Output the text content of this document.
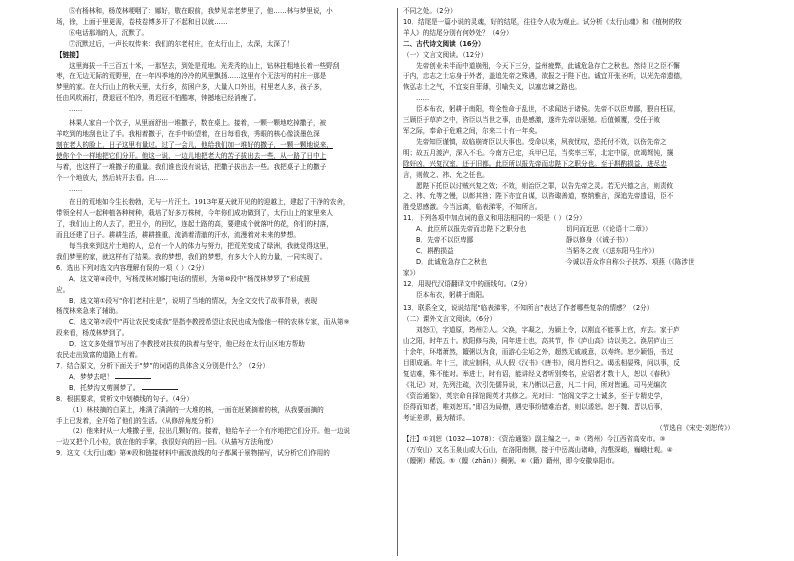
⑤有杨林和，杨茂林哽咽了：娜好，敬在眼前，我梦见亲老梦里了，他……林与梦里说，小
场，徐，上面于里更需，卷枝卷博多开了不起和日以就……
⑥电话那端的人，沉默了。
⑦沉默过后，一声长叹传来：我们的尔老村庄，在太行山上，太深，太深了！
【链接】
这里海拔一千三百五十米，一那坚去，到处是荒地。光秃秃的山上，钻林拄粗地长着一些野刮
枣，在无边无际的荒野里，在一年四季地的冷冷的风里飘扬……这里有个无法写的村庄一那是
梦里的家。在大行山上的秋天里，太行乡，贫困户多，大量人口外出，村里老人多，孩子多，
任由风吹雨打，费退冠不怕冷，勇迟冠不怕酷寒，钟撼地已经消瘦了。
……
林果人家自一个饮子，从里面舒出一堆撒子，数在桌上。接着，一颗一颗地吃掉撒子，被
羊吃到的地刮也让了手。我相着撒于，在手中盼望着，在日每看我，秀眼的核心像淡墨色深
刻在老人的脸上，日子这里有量过。过了一会儿，他给我们加一堆好的撒子，一颗一颗地说来，
使你个个一样地把它们分开。他这一说，一边儿地把老大的苦子拔出去一些，从一路了日中上
与着，也这样了一堆撒子的重量。我们谁也没有说话，把撒子拔出去一些。我把桌子上的撒子
个一个地放大，然后转开去看。自……
……
在日的荒地如今生长勃勃，无与一片汪土。1913年夏天就开见的的迎越上，建起了干净的农舍，
带领全村人一起种植各种树种，栽培了好多万株树，今年你们成功做到了，太行山上的家里来人
了，我们山上的人去了，把丑小，的回忆，连起土路的高，要建成个就落叶的花，你们的村落，
而且还建了日子。耕耕生活，耕耕推重，流淌着清澈的汗水，流漫着对未来的梦想。
每当我来到这片土地的人，总有一个人的体力与努力，把荒芜变成了绿洲，我就觉得这里，
我们梦里的家，就这样有了结果。我的梦想，我们的梦想，有多大个人的力量，一同实现了。
6．选出下列对选文内容理解有误的一项（ ）（2分）
A．这文第④段中，写杨茂林对娜打电话的情形，为第⑩段中“杨茂林梦罗了”形成照
应。
B．选文第①段写“你们老村庄是”，说明了当地的情况，为全文交代了故事背景，表现
杨茂林来急来了辅助。
C．选文第⑦段中“再让农民变成我”是指李教授希望让农民也成为像他一样的农林专家，而从第⑨
段来看，杨茂林梦到了。
D．这文多处细节写出了李教授对扶贫的执着与坚守，他已经在太行山区地方帮助
农民走出致富的道路上有着。
7．结合原文，分析下面关于“梦”的词语的具体含义分别是什么？（2分）
A．梦梦去吧！
B．托梦沟又剪圆梦了。
8．根据要求，赏析文中划横线的句子。（4分）
（1）林枝摘的白菜上，堆满了满满的一大堆的核，一面在赶紧摘着的核，从我要面摘的
手上已发着，全开始了他们的生活。（从修辞角度分析）
（2）他来时从一大堆撒子里，拉出几颗好的。接着，他给车子一个有序地把它们分开。他一边说
一边又把个几小粒，放在他的手掌，我很好向的回一回。（从描写方法角度）
9．这文《太行山魂》第⑧段和链接材料中画波浪线的句子都属于景物描写，试分析它们作用的
不同之处。（2分）
10．结尾是一篇小说的灵魂，好的结尾，往往令人收为观止。试分析《太行山魂》和《植树的牧
羊人》的结尾分别有何妙处？（4分）
二、古代诗文阅读（16分）
（一）文言文阅读。（12分）
先帝创业未半而中道崩殂，今天下三分，益州疲弊，此诚危急存亡之秋也。然待卫之臣不懈
于内，忠志之士忘身于外者，盖追先帝之殊遇，欲报之于陛下也。诚宜开张圣听，以光先帝遗德，
恢弘志士之气，不宜妄自菲薄，引喻失义，以塞忠谏之路也。
……
臣本布衣，躬耕于南阳，苟全性命于乱世，不求闻达于诸侯。先帝不以臣卑鄙，猥自枉屈，
三顾臣于草庐之中，咨臣以当世之事，由是感激，遂许先帝以驱驰。后值倾覆，受任于败
军之际，奉命于危难之间，尔来二十有一年矣。
先帝知臣谨慎，故临崩寄臣以大事也。受命以来，夙夜忧叹，恐托付不效，以伤先帝之
明；故五月渡泸，深入不毛。今南方已定，兵甲已足，当奖率三军，北定中原，庶竭驽钝，攘
除奸凶，兴复汉室，还于旧都。此臣所以报先帝而忠陛下之职分也。至于斟酌损益，进尽忠
言，则攸之、祎、允之任也。
愿陛下托臣以讨贼兴复之效；不效，则治臣之罪，以告先帝之灵。若无兴德之言，则责攸
之、祎、允等之慢，以彰其咎；陛下亦宜自谋，以咨诹善道，察纳雅言，深追先帝遗诏，臣不
胜受恩感激。今当远离，临表涕零，不知所言。
11．下列各项中加点词的意义和用法相同的一项是（ ）（2分）
A．此臣所以报先帝而忠陛下之职分也	切问而近思（《论语十二章》）
B．先帝不以臣卑鄙	静以修身（《诫子书》）
C．斟酌损益	当韬冬之夜（《送东阳马生序》）
D．此诚危急存亡之秋也	今诚以吾众诈自称公子扶苏、项燕（《陈涉世
家》）
12．用现代汉语翻译文中的画线句。（2分）
臣本布衣，躬耕于南阳。
13．联系全文，说说结尾“临表涕零，不知所言”表达了作者哪些复杂的情感？（2分）
（二）课外文言文阅读。（6分）
刘怒①，字道原，筠州②人。父涣，字凝之，为颍上令，以刚直不能事上官，弃去。家于庐
山之阳，时年五十。欧阳修与涣，同年进士也，高其节，作《庐山高》诗以美之。涣居庐山三
十余年，环堵萧然，饘粥以为食，而游心尘垢之外，超然无戚戚意，以寿终。恕少颖悟，书过
目即成诵。年十三，欲应制科，从人假《汉书》《唐书》，阅月皆归之。谒丞相晏殊，问以事，反
复诘难，殊不能对。举进士，时有诏，能讲经义者听别奏名，应诏者才数十人，恕以《春秋》
《礼记》对，先列注疏，次引先儒异说，末乃断以己意，凡二十问，所对皆通。司马光编次
《资治通鉴》，英宗命自择馆阁英才共修之。光对曰：“馆阁文学之士诚多，至于专精史学，
臣得而知者，唯刘恕耳。”即召为局僚，遇史事纷错难治者，则以诿恕。恕于魏、晋以后事，
考证差谬，最为精详。
（节选自《宋史·刘恕传》）
【注】①刘恕（1032—1078）：《资治通鉴》副主编之一。②（筠州）今江西省高安市。③
（万安山）又名玉泉山或大石山，在洛阳南侧，接于中岳嵩山诸峰，沟壑深峪，巍峨壮观。④
（饘粥）稀饭。⑤（饘（zhān））稠粥。⑥（籍）籍州，即今安徽阜阳市。
